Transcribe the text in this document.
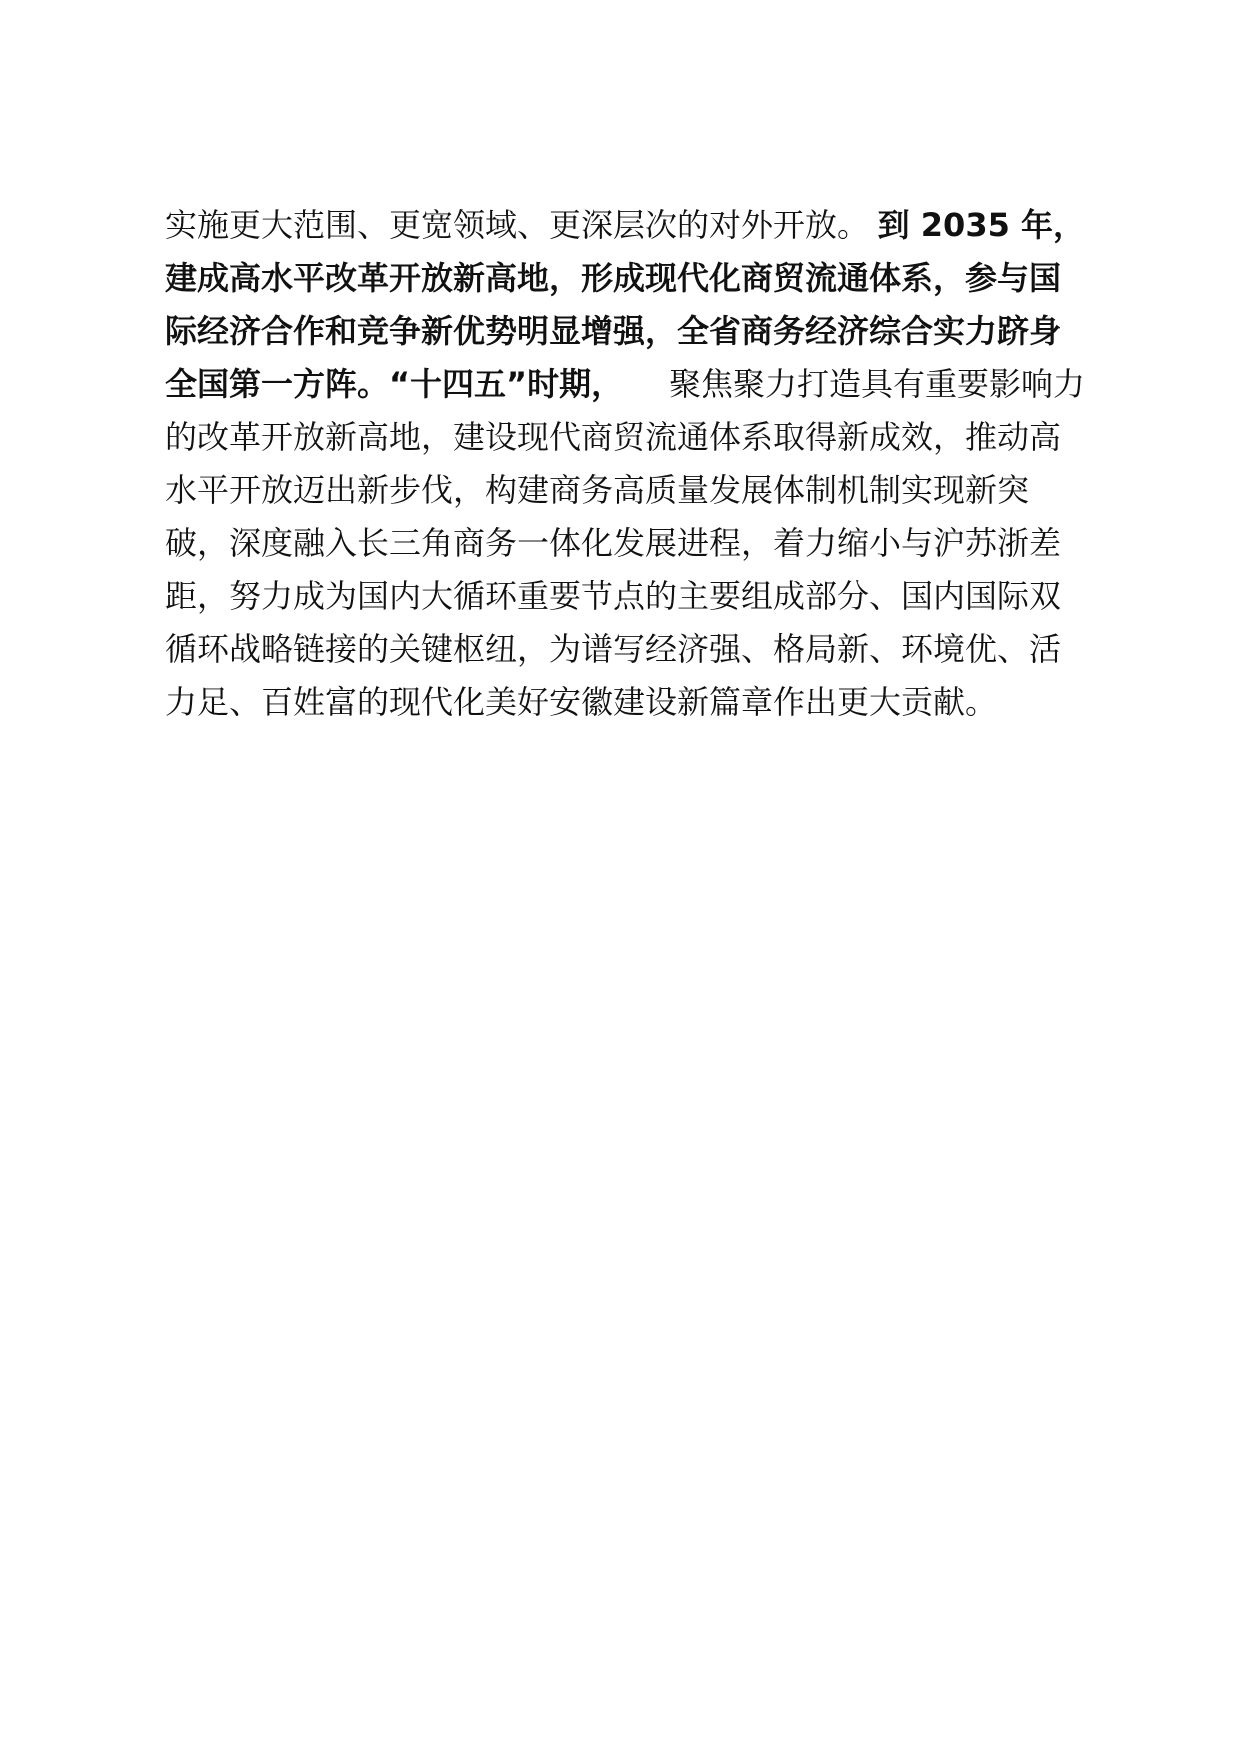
实施更大范围、更宽领域、更深层次的对外开放。 到 2035 年，
建成高水平改革开放新高地，形成现代化商贸流通体系，参与国
际经济合作和竞争新优势明显增强，全省商务经济综合实力跻身
全国第一方阵。“十四五”时期， 聚焦聚力打造具有重要影响力
的改革开放新高地，建设现代商贸流通体系取得新成效，推动高
水平开放迈出新步伐，构建商务高质量发展体制机制实现新突
破，深度融入长三角商务一体化发展进程，着力缩小与沪苏浙差
距，努力成为国内大循环重要节点的主要组成部分、国内国际双
循环战略链接的关键枢纽，为谱写经济强、格局新、环境优、活
力足、百姓富的现代化美好安徽建设新篇章作出更大贡献。
